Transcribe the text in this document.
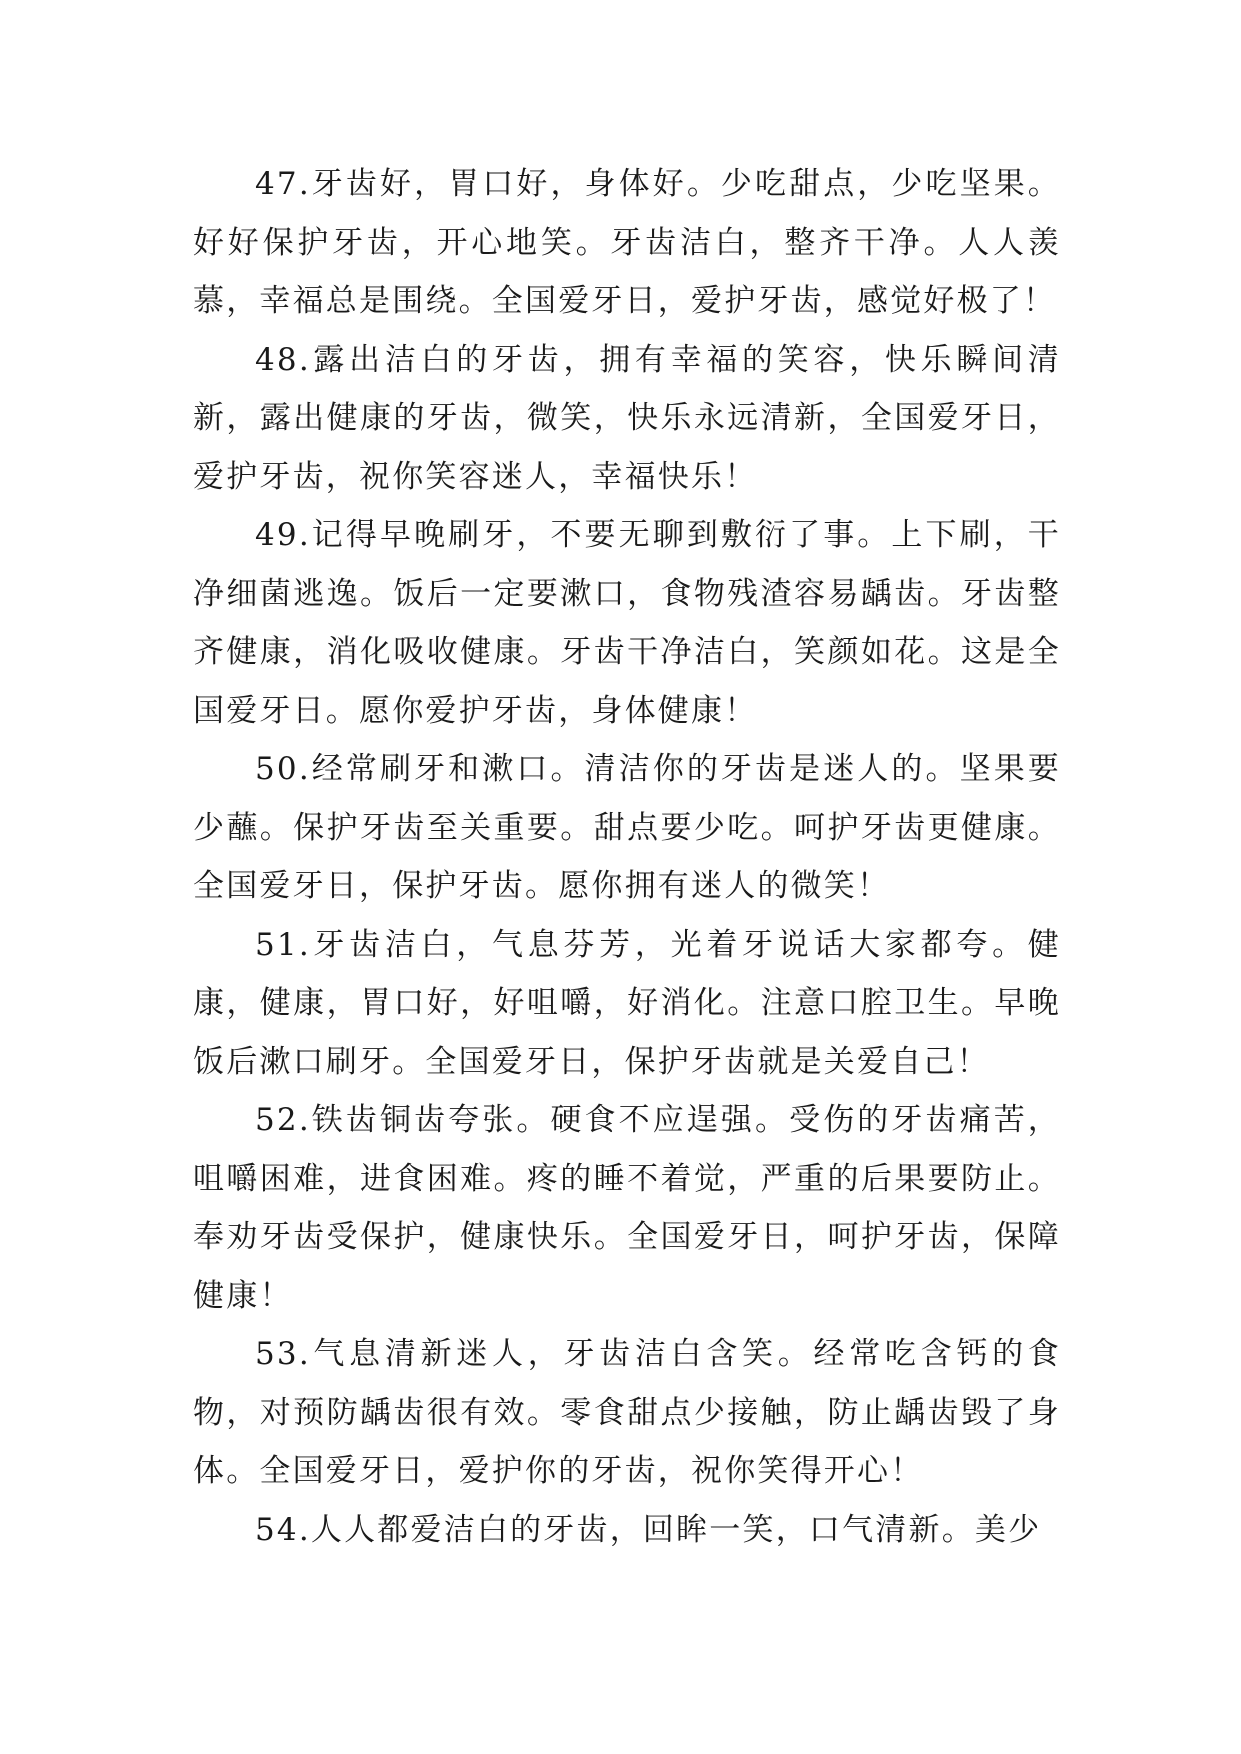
47.牙齿好，胃口好，身体好。少吃甜点，少吃坚果。好好保护牙齿，开心地笑。牙齿洁白，整齐干净。人人羡慕，幸福总是围绕。全国爱牙日，爱护牙齿，感觉好极了！

48.露出洁白的牙齿，拥有幸福的笑容，快乐瞬间清新，露出健康的牙齿，微笑，快乐永远清新，全国爱牙日，爱护牙齿，祝你笑容迷人，幸福快乐！

49.记得早晚刷牙，不要无聊到敷衍了事。上下刷，干净细菌逃逸。饭后一定要漱口，食物残渣容易龋齿。牙齿整齐健康，消化吸收健康。牙齿干净洁白，笑颜如花。这是全国爱牙日。愿你爱护牙齿，身体健康！

50.经常刷牙和漱口。清洁你的牙齿是迷人的。坚果要少蘸。保护牙齿至关重要。甜点要少吃。呵护牙齿更健康。全国爱牙日，保护牙齿。愿你拥有迷人的微笑！

51.牙齿洁白，气息芬芳，光着牙说话大家都夸。健康，健康，胃口好，好咀嚼，好消化。注意口腔卫生。早晚饭后漱口刷牙。全国爱牙日，保护牙齿就是关爱自己！

52.铁齿铜齿夸张。硬食不应逞强。受伤的牙齿痛苦，咀嚼困难，进食困难。疼的睡不着觉，严重的后果要防止。奉劝牙齿受保护，健康快乐。全国爱牙日，呵护牙齿，保障健康！

53.气息清新迷人，牙齿洁白含笑。经常吃含钙的食物，对预防龋齿很有效。零食甜点少接触，防止龋齿毁了身体。全国爱牙日，爱护你的牙齿，祝你笑得开心！

54.人人都爱洁白的牙齿，回眸一笑，口气清新。美少
